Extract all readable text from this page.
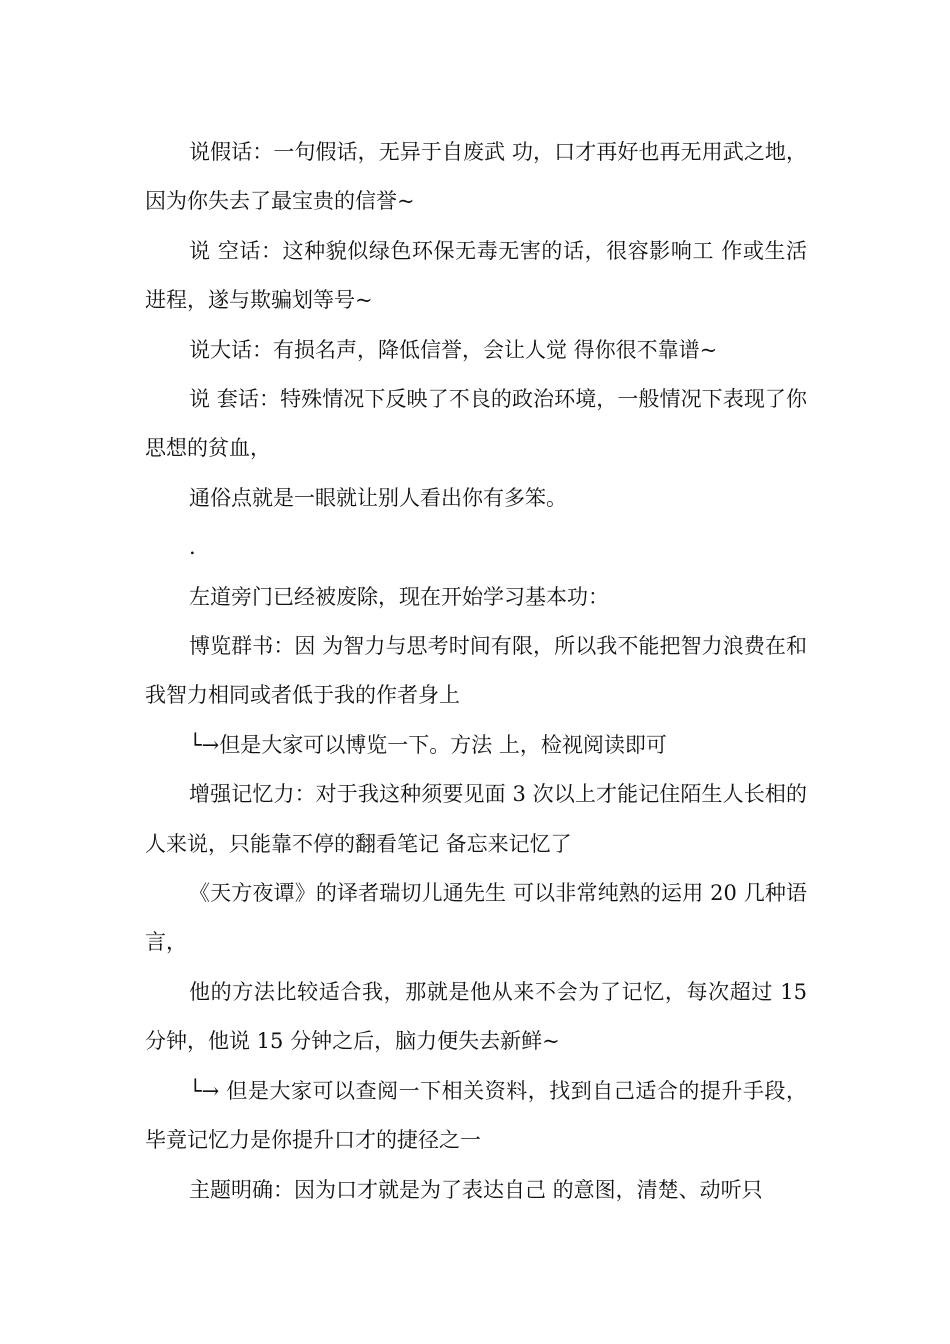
说假话：一句假话，无异于自废武 功，口才再好也再无用武之地，因为你失去了最宝贵的信誉~

说 空话：这种貌似绿色环保无毒无害的话，很容影响工 作或生活进程，遂与欺骗划等号~

说大话：有损名声，降低信誉，会让人觉 得你很不靠谱~

说 套话：特殊情况下反映了不良的政治环境，一般情况下表现了你思想的贫血，

通俗点就是一眼就让别人看出你有多笨。

.

左道旁门已经被废除，现在开始学习基本功：

博览群书：因 为智力与思考时间有限，所以我不能把智力浪费在和我智力相同或者低于我的作者身上

└→但是大家可以博览一下。方法 上，检视阅读即可

增强记忆力：对于我这种须要见面 3 次以上才能记住陌生人长相的人来说，只能靠不停的翻看笔记 备忘来记忆了

《天方夜谭》的译者瑞切儿通先生 可以非常纯熟的运用 20 几种语言，

他的方法比较适合我，那就是他从来不会为了记忆，每次超过 15 分钟，他说 15 分钟之后，脑力便失去新鲜~

└→ 但是大家可以查阅一下相关资料，找到自己适合的提升手段，毕竟记忆力是你提升口才的捷径之一

主题明确：因为口才就是为了表达自己 的意图，清楚、动听只
